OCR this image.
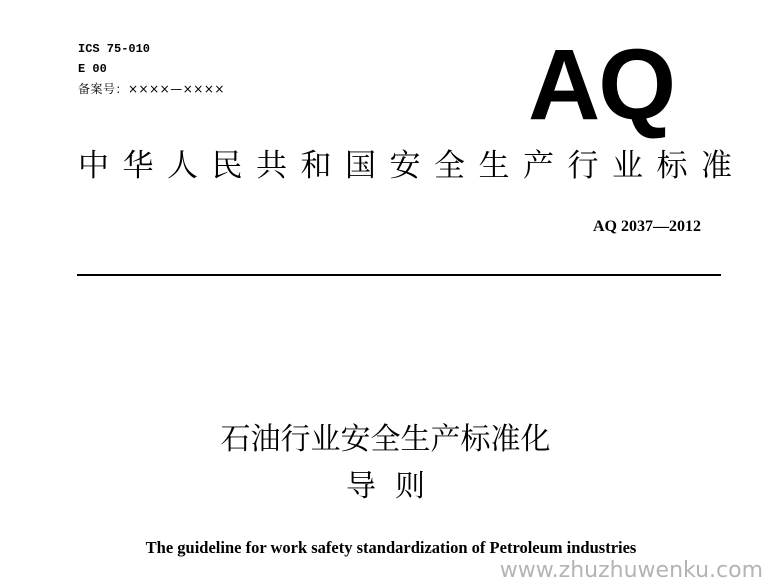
ICS 75-010
E 00
备案号：××××—××××	AQ
中华人民共和国安全生产行业标准
AQ 2037—2012
石油行业安全生产标准化
导  则
The guideline for work safety standardization of Petroleum industries
www.zhuzhuwenku.com
